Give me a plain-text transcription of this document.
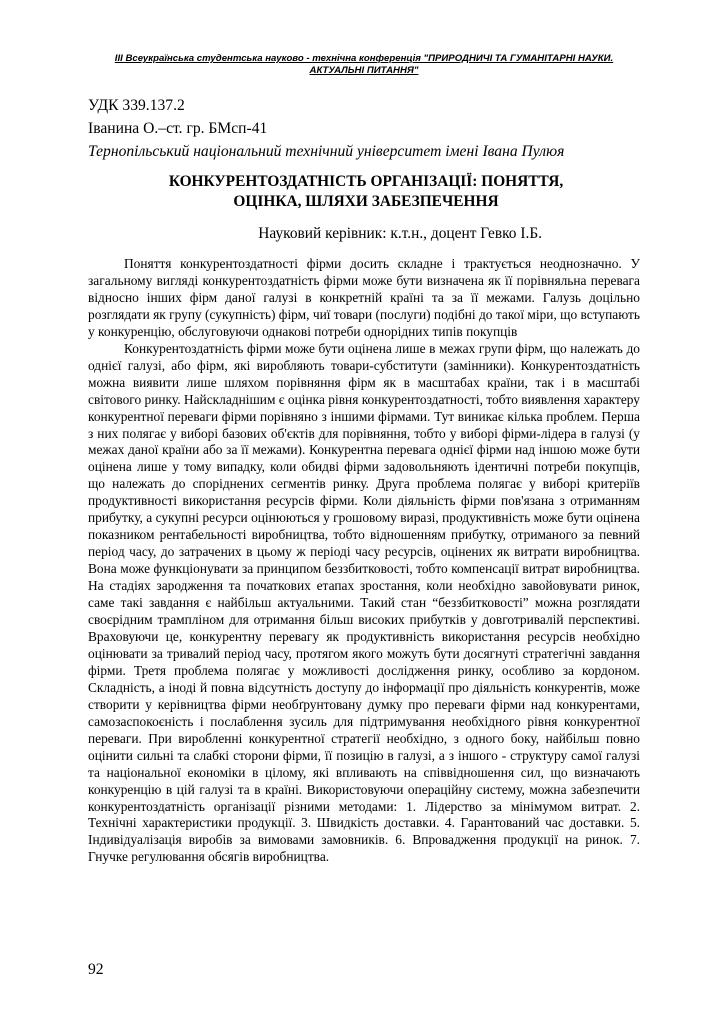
ІІІ Всеукраїнська студентська науково - технічна конференція "ПРИРОДНИЧІ ТА ГУМАНІТАРНІ НАУКИ.
АКТУАЛЬНІ ПИТАННЯ"
УДК 339.137.2
Іванина О.–ст. гр. БМсп-41
Тернопільський національний технічний університет імені Івана Пулюя
КОНКУРЕНТОЗДАТНІСТЬ ОРГАНІЗАЦІЇ: ПОНЯТТЯ,
ОЦІНКА, ШЛЯХИ ЗАБЕЗПЕЧЕННЯ
Науковий керівник: к.т.н., доцент Гевко І.Б.

Поняття конкурентоздатності фірми досить складне і трактується неоднозначно. У загальному вигляді конкурентоздатність фірми може бути визначена як її порівняльна перевага відносно інших фірм даної галузі в конкретній країні та за її межами. Галузь доцільно розглядати як групу (сукупність) фірм, чиї товари (послуги) подібні до такої міри, що вступають у конкуренцію, обслуговуючи однакові потреби однорідних типів покупців

Конкурентоздатність фірми може бути оцінена лише в межах групи фірм, що належать до однієї галузі, або фірм, які виробляють товари-субститути (замінники). Конкурентоздатність можна виявити лише шляхом порівняння фірм як в масштабах країни, так і в масштабі світового ринку. Найскладнішим є оцінка рівня конкурентоздатності, тобто виявлення характеру конкурентної переваги фірми порівняно з іншими фірмами. Тут виникає кілька проблем. Перша з них полягає у виборі базових об'єктів для порівняння, тобто у виборі фірми-лідера в галузі (у межах даної країни або за її межами). Конкурентна перевага однієї фірми над іншою може бути оцінена лише у тому випадку, коли обидві фірми задовольняють ідентичні потреби покупців, що належать до споріднених сегментів ринку. Друга проблема полягає у виборі критеріїв продуктивності використання ресурсів фірми. Коли діяльність фірми пов'язана з отриманням прибутку, а сукупні ресурси оцінюються у грошовому виразі, продуктивність може бути оцінена показником рентабельності виробництва, тобто відношенням прибутку, отриманого за певний період часу, до затрачених в цьому ж періоді часу ресурсів, оцінених як витрати виробництва. Вона може функціонувати за принципом беззбитковості, тобто компенсації витрат виробництва. На стадіях зародження та початкових етапах зростання, коли необхідно завойовувати ринок, саме такі завдання є найбільш актуальними. Такий стан “беззбитковості” можна розглядати своєрідним трампліном для отримання більш високих прибутків у довготривалій перспективі. Враховуючи це, конкурентну перевагу як продуктивність використання ресурсів необхідно оцінювати за тривалий період часу, протягом якого можуть бути досягнуті стратегічні завдання фірми. Третя проблема полягає у можливості дослідження ринку, особливо за кордоном. Складність, а іноді й повна відсутність доступу до інформації про діяльність конкурентів, може створити у керівництва фірми необґрунтовану думку про переваги фірми над конкурентами, самозаспокоєність і послаблення зусиль для підтримування необхідного рівня конкурентної переваги. При виробленні конкурентної стратегії необхідно, з одного боку, найбільш повно оцінити сильні та слабкі сторони фірми, її позицію в галузі, а з іншого - структуру самої галузі та національної економіки в цілому, які впливають на співвідношення сил, що визначають конкуренцію в цій галузі та в країні. Використовуючи операційну систему, можна забезпечити конкурентоздатність організації різними методами: 1. Лідерство за мінімумом витрат. 2. Технічні характеристики продукції. 3. Швидкість доставки. 4. Гарантований час доставки. 5. Індивідуалізація виробів за вимовами замовників. 6. Впровадження продукції на ринок. 7. Гнучке регулювання обсягів виробництва.

92
